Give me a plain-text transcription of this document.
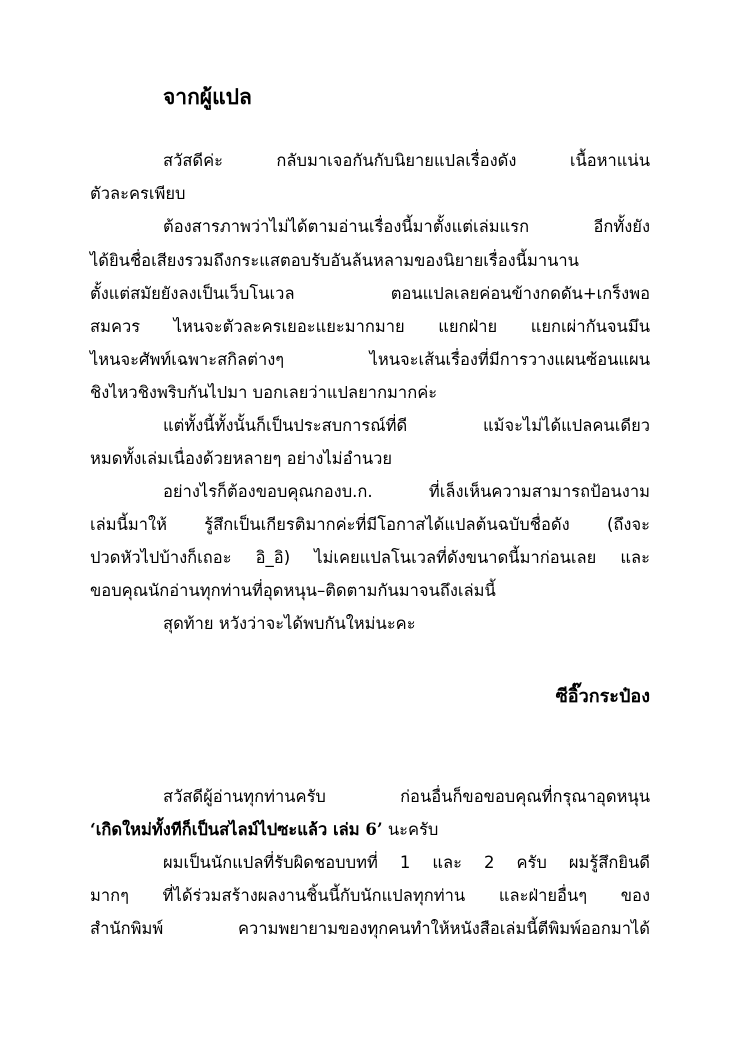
จากผู้แปล
สวัสดีค่ะ กลับมาเจอกันกับนิยายแปลเรื่องดัง เนื้อหาแน่น
ตัวละครเพียบ
ต้องสารภาพว่าไม่ได้ตามอ่านเรื่องนี้มาตั้งแต่เล่มแรก อีกทั้งยัง
ได้ยินชื่อเสียงรวมถึงกระแสตอบรับอันล้นหลามของนิยายเรื่องนี้มานาน
ตั้งแต่สมัยยังลงเป็นเว็บโนเวล ตอนแปลเลยค่อนข้างกดดัน+เกร็งพอ
สมควร ไหนจะตัวละครเยอะแยะมากมาย แยกฝ่าย แยกเผ่ากันจนมึน
ไหนจะศัพท์เฉพาะสกิลต่างๆ ไหนจะเส้นเรื่องที่มีการวางแผนซ้อนแผน
ชิงไหวชิงพริบกันไปมา บอกเลยว่าแปลยากมากค่ะ
แต่ทั้งนี้ทั้งนั้นก็เป็นประสบการณ์ที่ดี แม้จะไม่ได้แปลคนเดียว
หมดทั้งเล่มเนื่องด้วยหลายๆ อย่างไม่อำนวย
อย่างไรก็ต้องขอบคุณกองบ.ก. ที่เล็งเห็นความสามารถป้อนงาม
เล่มนี้มาให้ รู้สึกเป็นเกียรติมากค่ะที่มีโอกาสได้แปลต้นฉบับชื่อดัง (ถึงจะ
ปวดหัวไปบ้างก็เถอะ อิ_อิ) ไม่เคยแปลโนเวลที่ดังขนาดนี้มาก่อนเลย และ
ขอบคุณนักอ่านทุกท่านที่อุดหนุน–ติดตามกันมาจนถึงเล่มนี้
สุดท้าย หวังว่าจะได้พบกันใหม่นะคะ
ซีอิ๊วกระป๋อง
สวัสดีผู้อ่านทุกท่านครับ ก่อนอื่นก็ขอขอบคุณที่กรุณาอุดหนุน
‘เกิดใหม่ทั้งทีก็เป็นสไลม์ไปซะแล้ว เล่ม 6’ นะครับ
ผมเป็นนักแปลที่รับผิดชอบบทที่ 1 และ 2 ครับ ผมรู้สึกยินดี
มากๆ ที่ได้ร่วมสร้างผลงานชิ้นนี้กับนักแปลทุกท่าน และฝ่ายอื่นๆ ของ
สำนักพิมพ์ ความพยายามของทุกคนทำให้หนังสือเล่มนี้ตีพิมพ์ออกมาได้
